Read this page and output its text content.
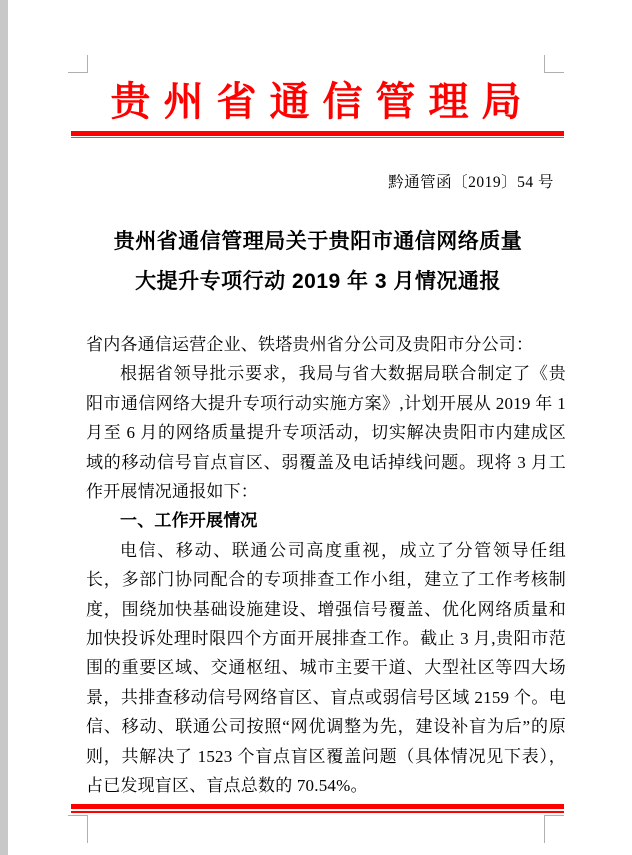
贵州省通信管理局
黔通管函〔2019〕54 号
贵州省通信管理局关于贵阳市通信网络质量
大提升专项行动 2019 年 3 月情况通报

省内各通信运营企业、铁塔贵州省分公司及贵阳市分公司：

根据省领导批示要求，我局与省大数据局联合制定了《贵阳市通信网络大提升专项行动实施方案》,计划开展从 2019 年 1 月至 6 月的网络质量提升专项活动，切实解决贵阳市内建成区域的移动信号盲点盲区、弱覆盖及电话掉线问题。现将 3 月工作开展情况通报如下：

一、工作开展情况

电信、移动、联通公司高度重视，成立了分管领导任组长，多部门协同配合的专项排查工作小组，建立了工作考核制度，围绕加快基础设施建设、增强信号覆盖、优化网络质量和加快投诉处理时限四个方面开展排查工作。截止 3 月,贵阳市范围的重要区域、交通枢纽、城市主要干道、大型社区等四大场景，共排查移动信号网络盲区、盲点或弱信号区域 2159 个。电信、移动、联通公司按照“网优调整为先，建设补盲为后”的原则，共解决了 1523 个盲点盲区覆盖问题（具体情况见下表），占已发现盲区、盲点总数的 70.54%。
